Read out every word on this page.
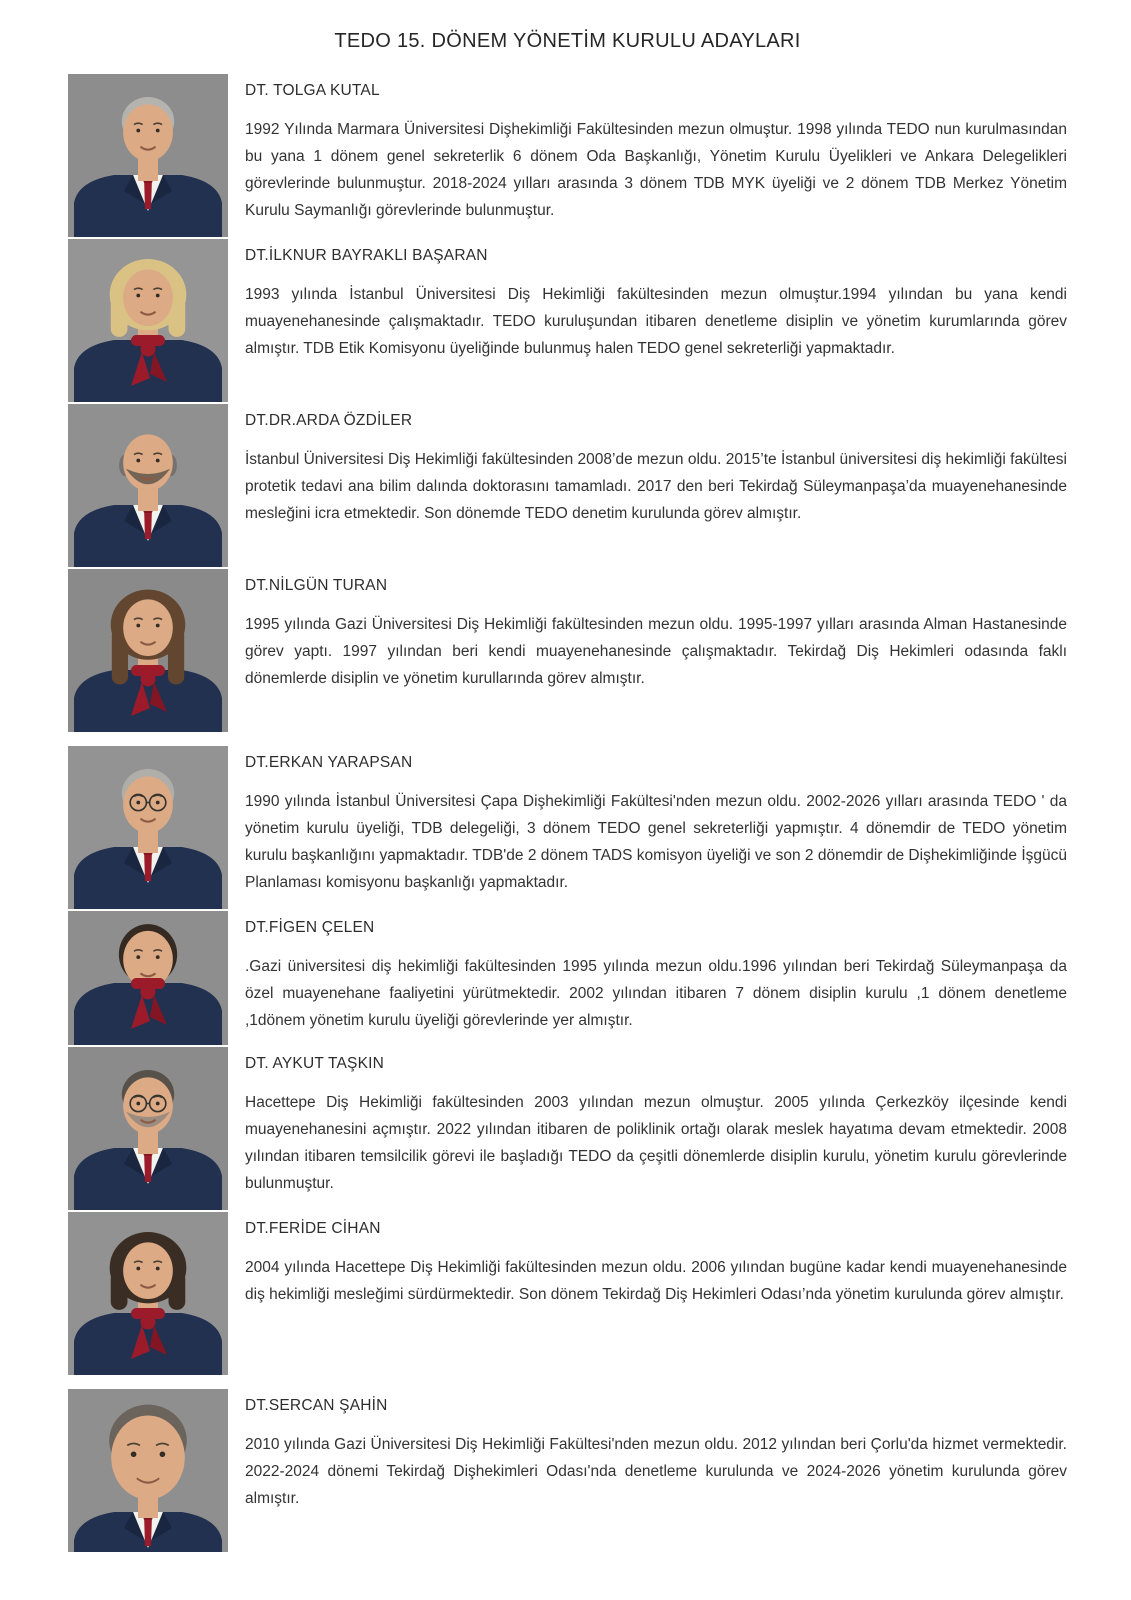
TEDO 15. DÖNEM YÖNETİM KURULU ADAYLARI
DT. TOLGA KUTAL

1992 Yılında Marmara Üniversitesi Dişhekimliği Fakültesinden mezun olmuştur. 1998 yılında TEDO nun kurulmasından bu yana 1 dönem genel sekreterlik 6 dönem Oda Başkanlığı, Yönetim Kurulu Üyelikleri ve Ankara Delegelikleri görevlerinde bulunmuştur. 2018-2024 yılları arasında 3 dönem TDB MYK üyeliği ve 2 dönem TDB Merkez Yönetim Kurulu Saymanlığı görevlerinde bulunmuştur.

DT.İLKNUR BAYRAKLI BAŞARAN

1993 yılında İstanbul Üniversitesi Diş Hekimliği fakültesinden mezun olmuştur.1994 yılından bu yana kendi muayenehanesinde çalışmaktadır. TEDO kuruluşundan itibaren denetleme disiplin ve yönetim kurumlarında görev almıştır. TDB Etik Komisyonu üyeliğinde bulunmuş halen TEDO genel sekreterliği yapmaktadır.

DT.DR.ARDA ÖZDİLER

İstanbul Üniversitesi Diş Hekimliği fakültesinden 2008’de mezun oldu. 2015’te İstanbul üniversitesi diş hekimliği fakültesi protetik tedavi ana bilim dalında doktorasını tamamladı. 2017 den beri Tekirdağ Süleymanpaşa’da muayenehanesinde mesleğini icra etmektedir. Son dönemde TEDO denetim kurulunda görev almıştır.

DT.NİLGÜN TURAN

1995 yılında Gazi Üniversitesi Diş Hekimliği fakültesinden mezun oldu. 1995-1997 yılları arasında Alman Hastanesinde görev yaptı. 1997 yılından beri kendi muayenehanesinde çalışmaktadır. Tekirdağ Diş Hekimleri odasında faklı dönemlerde disiplin ve yönetim kurullarında görev almıştır.

DT.ERKAN YARAPSAN

1990 yılında İstanbul Üniversitesi Çapa Dişhekimliği Fakültesi'nden mezun oldu. 2002-2026 yılları arasında TEDO ' da yönetim kurulu üyeliği, TDB delegeliği, 3 dönem TEDO genel sekreterliği yapmıştır. 4 dönemdir de TEDO yönetim kurulu başkanlığını yapmaktadır. TDB'de 2 dönem TADS komisyon üyeliği ve son 2 dönemdir de Dişhekimliğinde İşgücü Planlaması komisyonu başkanlığı yapmaktadır.

DT.FİGEN ÇELEN

.Gazi üniversitesi diş hekimliği fakültesinden 1995 yılında mezun oldu.1996 yılından beri Tekirdağ Süleymanpaşa da özel muayenehane faaliyetini yürütmektedir. 2002 yılından itibaren 7 dönem disiplin kurulu ,1 dönem denetleme ,1dönem yönetim kurulu üyeliği görevlerinde yer almıştır.

DT. AYKUT TAŞKIN

Hacettepe Diş Hekimliği fakültesinden 2003 yılından mezun olmuştur. 2005 yılında Çerkezköy ilçesinde kendi muayenehanesini açmıştır. 2022 yılından itibaren de poliklinik ortağı olarak meslek hayatıma devam etmektedir. 2008 yılından itibaren temsilcilik görevi ile başladığı TEDO da çeşitli dönemlerde disiplin kurulu, yönetim kurulu görevlerinde bulunmuştur.

DT.FERİDE CİHAN

2004 yılında Hacettepe Diş Hekimliği fakültesinden mezun oldu. 2006 yılından bugüne kadar kendi muayenehanesinde diş hekimliği mesleğimi sürdürmektedir. Son dönem Tekirdağ Diş Hekimleri Odası’nda yönetim kurulunda görev almıştır.

DT.SERCAN ŞAHİN

2010 yılında Gazi Üniversitesi Diş Hekimliği Fakültesi'nden mezun oldu. 2012 yılından beri Çorlu'da hizmet vermektedir. 2022-2024 dönemi Tekirdağ Dişhekimleri Odası'nda denetleme kurulunda ve 2024-2026 yönetim kurulunda görev almıştır.
